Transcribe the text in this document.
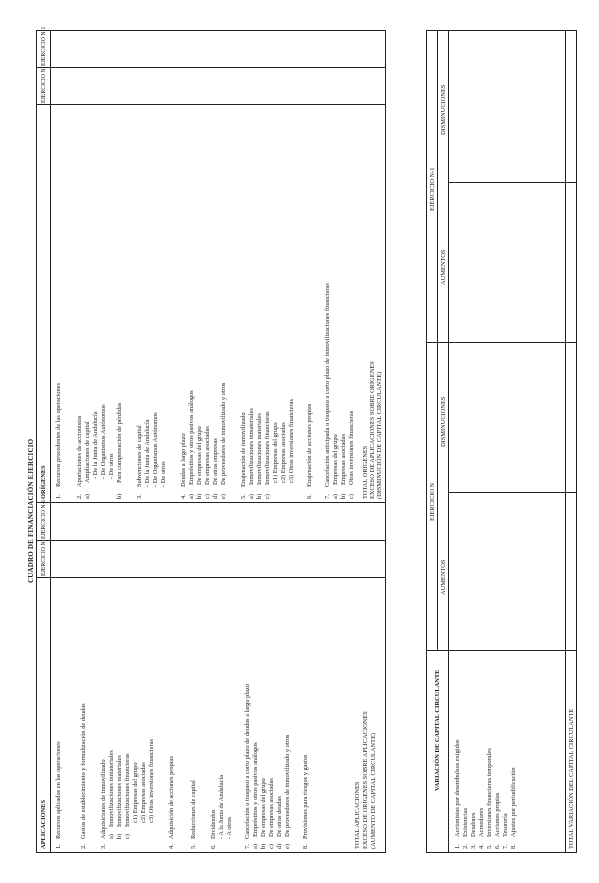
CUADRO DE FINANCIACIÓN EJERCICIO
APLICACIONES
EJERCICIO N
EJERCICIO N-1
1.
Recursos aplicados en las operaciones
2.
Gastos de establecimiento y formalización de deudas
3.
Adquisiciones de inmovilizado a)
Inmovilizaciones inmateriales
b)
Inmovilizaciones materiales
c)
Inmovilizaciones financieras c1) Empresas del grupo c2) Empresas asociadas c3) Otras inversiones financieras
4.
Adquisición de acciones propias
5.
Reducciones de capital
6.
Dividendos - A la Junta de Andalucía - A otros
7.
Cancelación o traspaso a corto plazo de deudas a largo plazo
a)
Empréstitos y otros pasivos análogos
b)
De empresas del grupo
c)
De empresas asociadas
d)
De otras deudas
e)
De proveedores de inmovilizado y otros
8.
Provisiones para riesgos y gastos	TOTAL APLICACIONES EXCESO DE ORÍGENES SOBRE APLICACIONES (AUMENTO DE CAPITAL CIRCULANTE)
ORÍGENES
EJERCICIO N
EJERCICIO N-1
1.
Recursos procedentes de las operaciones
2.
Aportaciones de accionistas
a)
Ampliaciones de capital - De la Junta de Andalucía - De Organismos Autónomos - De otros
b)
Para compensación de pérdidas
3.
Subvenciones de capital - De la Junta de Andalucía - De Organismos Autónomos - De otros
4.
Deudas a largo plazo
a)
Empréstitos y otros pasivos análogos
b)
De empresas del grupo
c)
De empresas asociadas
d)
De otras empresas
e)
De proveedores de inmovilizado y otros
5.
Enajenación de inmovilizado
a)
Inmovilizaciones inmateriales
b)
Inmovilizaciones materiales
c)
Inmovilizaciones financieras c1) Empresas del grupo c2) Empresas asociadas c3) Otras inversiones financieras
6.
Enajenación de acciones propias
7.
Cancelación anticipada o traspaso a corto plazo de inmovilizaciones financieras
a)
Empresas del grupo
b)
Empresas asociadas
c)
Otras inversiones financieras TOTAL ORÍGENES EXCESO DE APLICACIONES SOBRE ORÍGENES (DISMINUCIÓN DE CAPITAL CIRCULANTE)
VARIACIÓN DE CAPITAL CIRCULANTE
EJERCICIO N
EJERCICIO N-1
AUMENTOS
DISMINUCIONES
AUMENTOS
DISMINUCIONES
1.
Accionistas por desembolsos exigidos
2.
Existencias
3.
Deudores
4.
Acreedores
5.
Inversiones financieras temporales
6.
Acciones propias
7.
Tesorería
8.
Ajustes por periodificación	TOTAL VARIACIÓN DEL CAPITAL CIRCULANTE
